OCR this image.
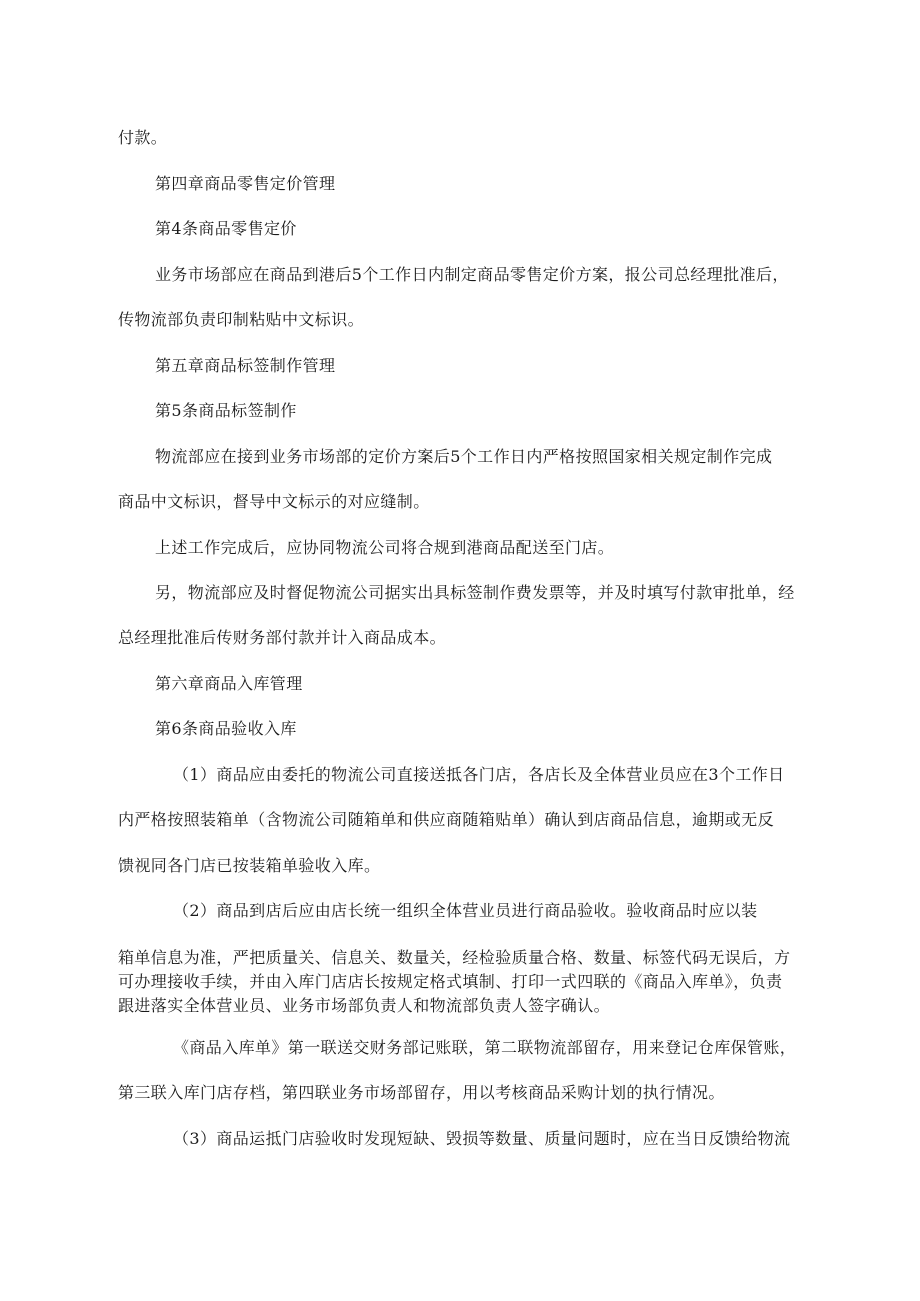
付款。
第四章商品零售定价管理
第4条商品零售定价
业务市场部应在商品到港后5个工作日内制定商品零售定价方案，报公司总经理批准后，
传物流部负责印制粘贴中文标识。
第五章商品标签制作管理
第5条商品标签制作
物流部应在接到业务市场部的定价方案后5个工作日内严格按照国家相关规定制作完成
商品中文标识，督导中文标示的对应缝制。
上述工作完成后，应协同物流公司将合规到港商品配送至门店。
另，物流部应及时督促物流公司据实出具标签制作费发票等，并及时填写付款审批单，经
总经理批准后传财务部付款并计入商品成本。
第六章商品入库管理
第6条商品验收入库
（1）商品应由委托的物流公司直接送抵各门店，各店长及全体营业员应在3个工作日
内严格按照装箱单（含物流公司随箱单和供应商随箱贴单）确认到店商品信息，逾期或无反
馈视同各门店已按装箱单验收入库。
（2）商品到店后应由店长统一组织全体营业员进行商品验收。验收商品时应以装
箱单信息为准，严把质量关、信息关、数量关，经检验质量合格、数量、标签代码无误后，方
可办理接收手续，并由入库门店店长按规定格式填制、打印一式四联的《商品入库单》，负责
跟进落实全体营业员、业务市场部负责人和物流部负责人签字确认。
《商品入库单》第一联送交财务部记账联，第二联物流部留存，用来登记仓库保管账，
第三联入库门店存档，第四联业务市场部留存，用以考核商品采购计划的执行情况。
（3）商品运抵门店验收时发现短缺、毁损等数量、质量问题时，应在当日反馈给物流
